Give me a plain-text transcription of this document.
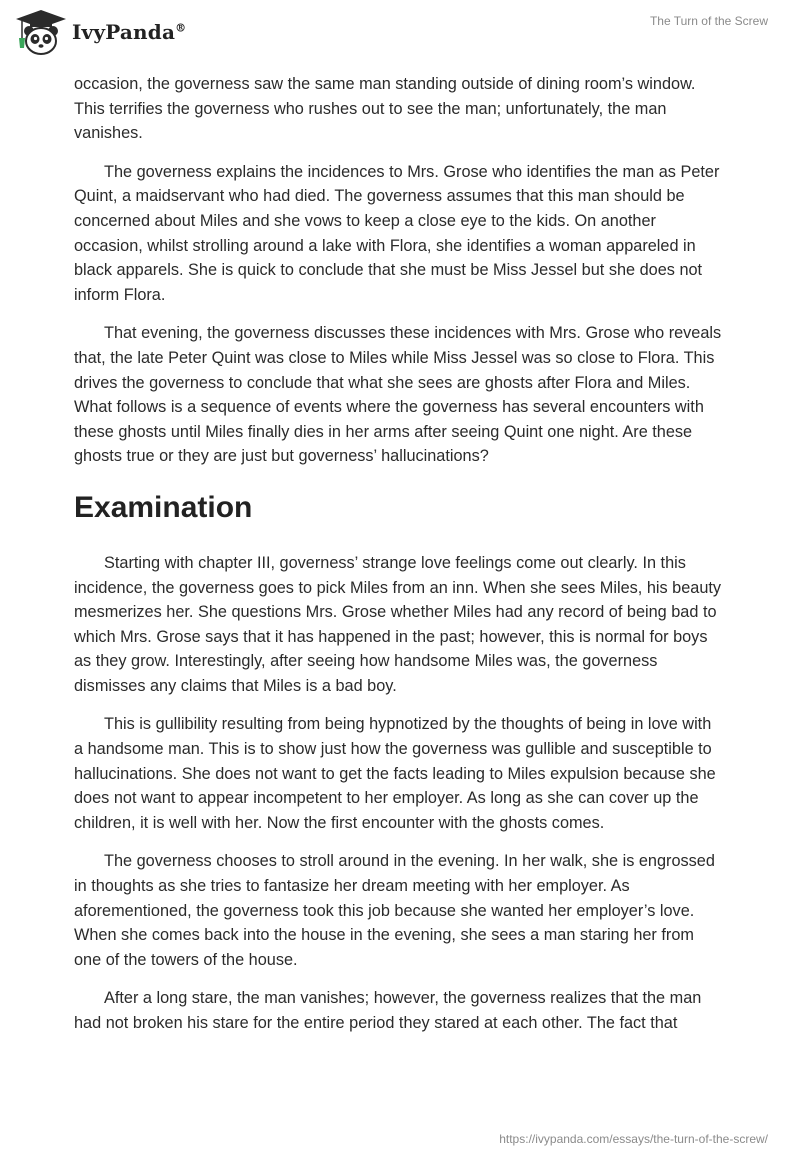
IvyPanda®	The Turn of the Screw

occasion, the governess saw the same man standing outside of dining room’s window. This terrifies the governess who rushes out to see the man; unfortunately, the man vanishes.

The governess explains the incidences to Mrs. Grose who identifies the man as Peter Quint, a maidservant who had died. The governess assumes that this man should be concerned about Miles and she vows to keep a close eye to the kids. On another occasion, whilst strolling around a lake with Flora, she identifies a woman appareled in black apparels. She is quick to conclude that she must be Miss Jessel but she does not inform Flora.

That evening, the governess discusses these incidences with Mrs. Grose who reveals that, the late Peter Quint was close to Miles while Miss Jessel was so close to Flora. This drives the governess to conclude that what she sees are ghosts after Flora and Miles. What follows is a sequence of events where the governess has several encounters with these ghosts until Miles finally dies in her arms after seeing Quint one night. Are these ghosts true or they are just but governess’ hallucinations?

Examination

Starting with chapter III, governess’ strange love feelings come out clearly. In this incidence, the governess goes to pick Miles from an inn. When she sees Miles, his beauty mesmerizes her. She questions Mrs. Grose whether Miles had any record of being bad to which Mrs. Grose says that it has happened in the past; however, this is normal for boys as they grow. Interestingly, after seeing how handsome Miles was, the governess dismisses any claims that Miles is a bad boy.

This is gullibility resulting from being hypnotized by the thoughts of being in love with a handsome man. This is to show just how the governess was gullible and susceptible to hallucinations. She does not want to get the facts leading to Miles expulsion because she does not want to appear incompetent to her employer. As long as she can cover up the children, it is well with her. Now the first encounter with the ghosts comes.

The governess chooses to stroll around in the evening. In her walk, she is engrossed in thoughts as she tries to fantasize her dream meeting with her employer. As aforementioned, the governess took this job because she wanted her employer’s love. When she comes back into the house in the evening, she sees a man staring her from one of the towers of the house.

After a long stare, the man vanishes; however, the governess realizes that the man had not broken his stare for the entire period they stared at each other. The fact that

https://ivypanda.com/essays/the-turn-of-the-screw/
